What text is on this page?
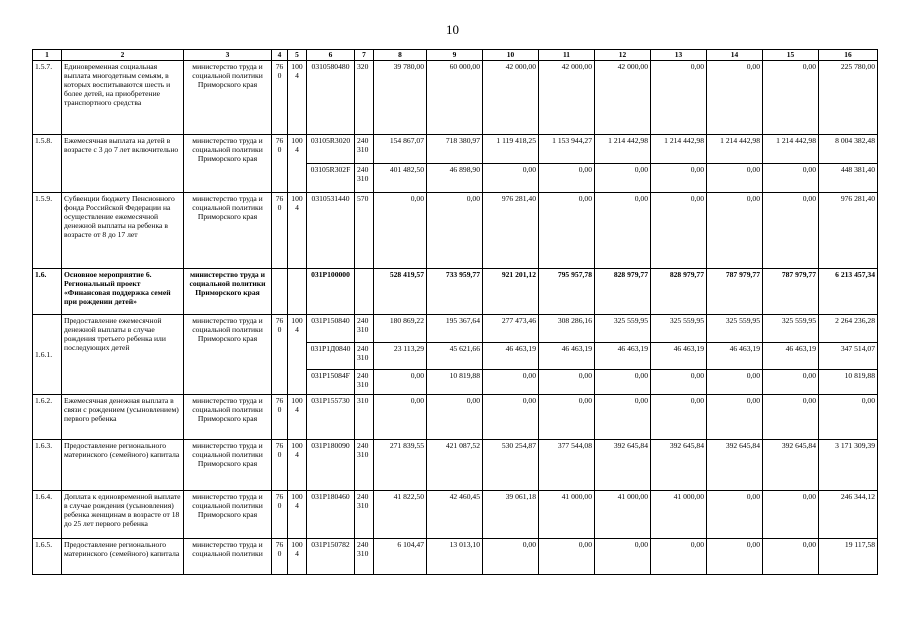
10
1	2	3	4	5	6	7	8	9	10	11	12	13	14	15	16
1.5.7.	Единовременная социальная выплата многодетным семьям, в которых воспитываются шесть и более детей, на приобретение транспортного средства	министерство труда и социальной политики Приморского края	760	1004	0310580480	320	39 780,00	60 000,00	42 000,00	42 000,00	42 000,00	0,00	0,00	0,00	225 780,00
1.5.8.	Ежемесячная выплата на детей в возрасте с 3 до 7 лет включительно	министерство труда и социальной политики Приморского края	760	1004	03105R3020	240 310	154 867,07	718 380,97	1 119 418,25	1 153 944,27	1 214 442,98	1 214 442,98	1 214 442,98	1 214 442,98	8 004 382,48
					03105R302F	240 310	401 482,50	46 898,90	0,00	0,00	0,00	0,00	0,00	0,00	448 381,40
1.5.9.	Субвенции бюджету Пенсионного фонда Российской Федерации на осуществление ежемесячной денежной выплаты на ребенка в возрасте от 8 до 17 лет	министерство труда и социальной политики Приморского края	760	1004	0310531440	570	0,00	0,00	976 281,40	0,00	0,00	0,00	0,00	0,00	976 281,40
1.6.	Основное мероприятие 6. Региональный проект «Финансовая поддержка семей при рождении детей»	министерство труда и социальной политики Приморского края			031P100000		528 419,57	733 959,77	921 201,12	795 957,78	828 979,77	828 979,77	787 979,77	787 979,77	6 213 457,34
1.6.1.	Предоставление ежемесячной денежной выплаты в случае рождения третьего ребенка или последующих детей	министерство труда и социальной политики Приморского края	760	1004	031P150840	240 310	180 869,22	195 367,64	277 473,46	308 286,16	325 559,95	325 559,95	325 559,95	325 559,95	2 264 236,28
					031P1Д0840	240 310	23 113,29	45 621,66	46 463,19	46 463,19	46 463,19	46 463,19	46 463,19	46 463,19	347 514,07
					031P15084F	240 310	0,00	10 819,88	0,00	0,00	0,00	0,00	0,00	0,00	10 819,88
1.6.2.	Ежемесячная денежная выплата в связи с рождением (усыновлением) первого ребенка	министерство труда и социальной политики Приморского края	760	1004	031P155730	310	0,00	0,00	0,00	0,00	0,00	0,00	0,00	0,00	0,00
1.6.3.	Предоставление регионального материнского (семейного) капитала	министерство труда и социальной политики Приморского края	760	1004	031P180090	240 310	271 839,55	421 087,52	530 254,87	377 544,08	392 645,84	392 645,84	392 645,84	392 645,84	3 171 309,39
1.6.4.	Доплата к единовременной выплате в случае рождения (усыновления) ребенка женщинам в возрасте от 18 до 25 лет первого ребенка	министерство труда и социальной политики Приморского края	760	1004	031P180460	240 310	41 822,50	42 460,45	39 061,18	41 000,00	41 000,00	41 000,00	0,00	0,00	246 344,12
1.6.5.	Предоставление регионального материнского (семейного) капитала	министерство труда и социальной политики	760	1004	031P150782	240 310	6 104,47	13 013,10	0,00	0,00	0,00	0,00	0,00	0,00	19 117,58
